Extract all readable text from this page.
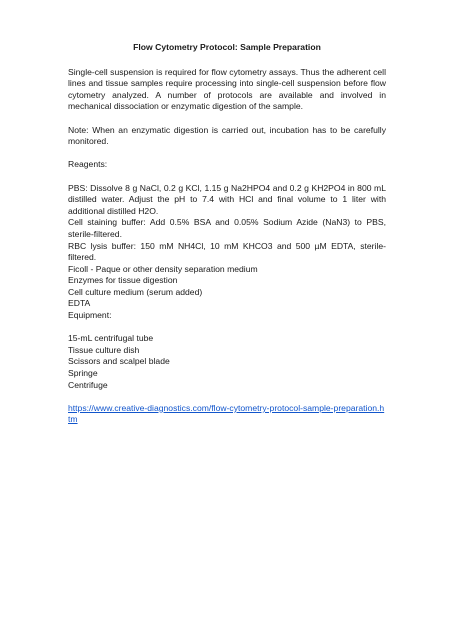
Flow Cytometry Protocol: Sample Preparation

Single-cell suspension is required for flow cytometry assays. Thus the adherent cell lines and tissue samples require processing into single-cell suspension before flow cytometry analyzed. A number of protocols are available and involved in mechanical dissociation or enzymatic digestion of the sample.

Note: When an enzymatic digestion is carried out, incubation has to be carefully monitored.

Reagents:

PBS: Dissolve 8 g NaCl, 0.2 g KCl, 1.15 g Na2HPO4 and 0.2 g KH2PO4 in 800 mL distilled water. Adjust the pH to 7.4 with HCl and final volume to 1 liter with additional distilled H2O.

Cell staining buffer: Add 0.5% BSA and 0.05% Sodium Azide (NaN3) to PBS, sterile-filtered.

RBC lysis buffer: 150 mM NH4Cl, 10 mM KHCO3 and 500 µM EDTA, sterile-filtered.

Ficoll - Paque or other density separation medium

Enzymes for tissue digestion

Cell culture medium (serum added)

EDTA

Equipment:

15-mL centrifugal tube
Tissue culture dish
Scissors and scalpel blade
Springe
Centrifuge
https://www.creative-diagnostics.com/flow-cytometry-protocol-sample-preparation.htm
